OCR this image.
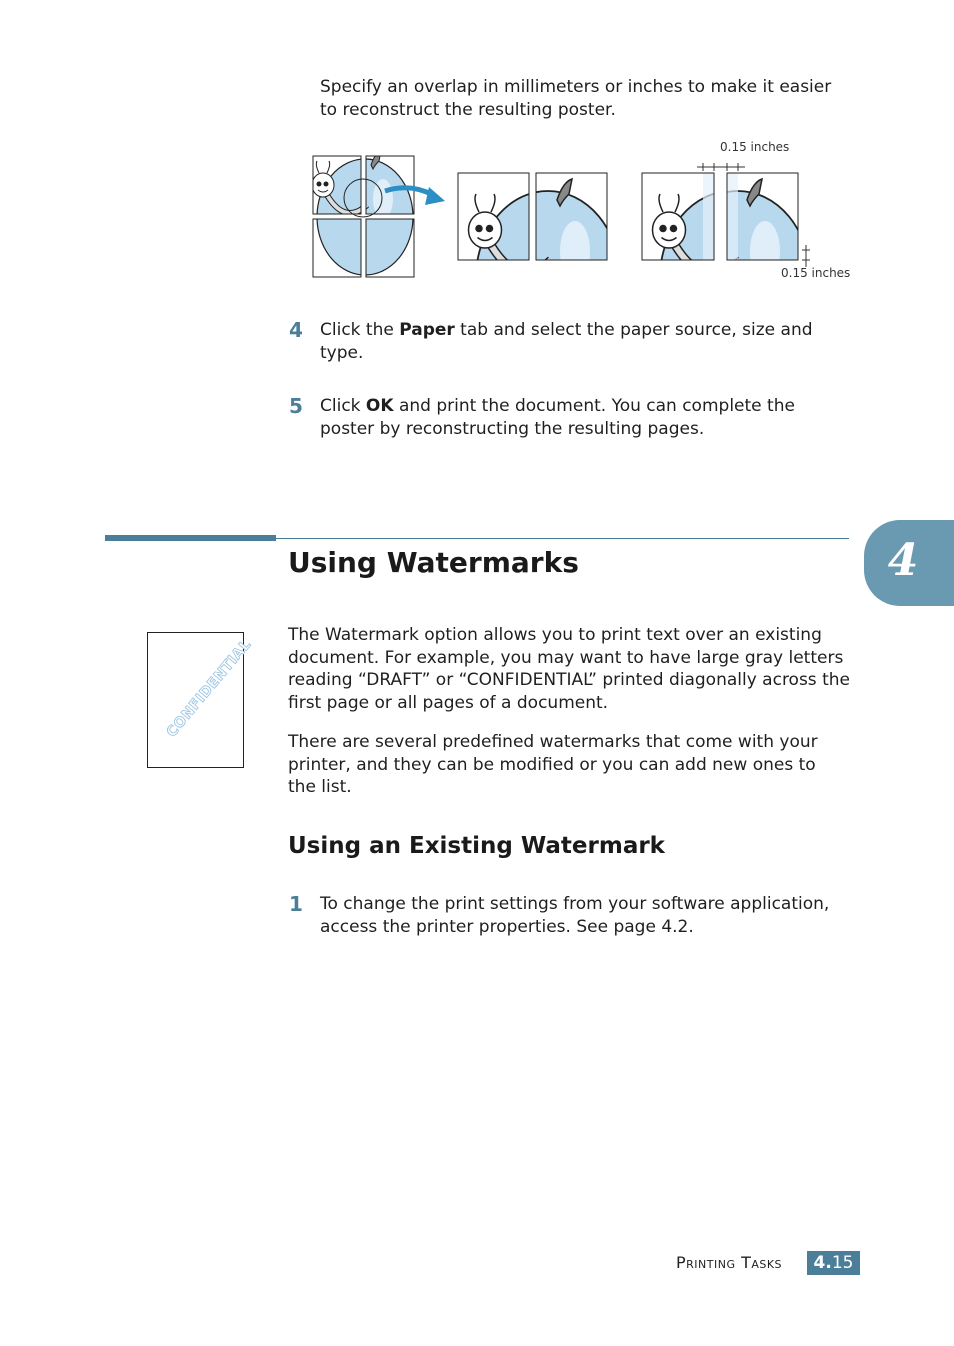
Specify an overlap in millimeters or inches to make it easier to reconstruct the resulting poster.

0.15 inches
0.15 inches
4 Click the Paper tab and select the paper source, size and type.

5 Click OK and print the document. You can complete the poster by reconstructing the resulting pages.

4
Using Watermarks
CONFIDENTIAL

The Watermark option allows you to print text over an existing document. For example, you may want to have large gray letters reading “DRAFT” or “CONFIDENTIAL” printed diagonally across the first page or all pages of a document.

There are several predefined watermarks that come with your printer, and they can be modified or you can add new ones to the list.

Using an Existing Watermark
1 To change the print settings from your software application, access the printer properties. See page 4.2.

Printing Tasks	4.15
